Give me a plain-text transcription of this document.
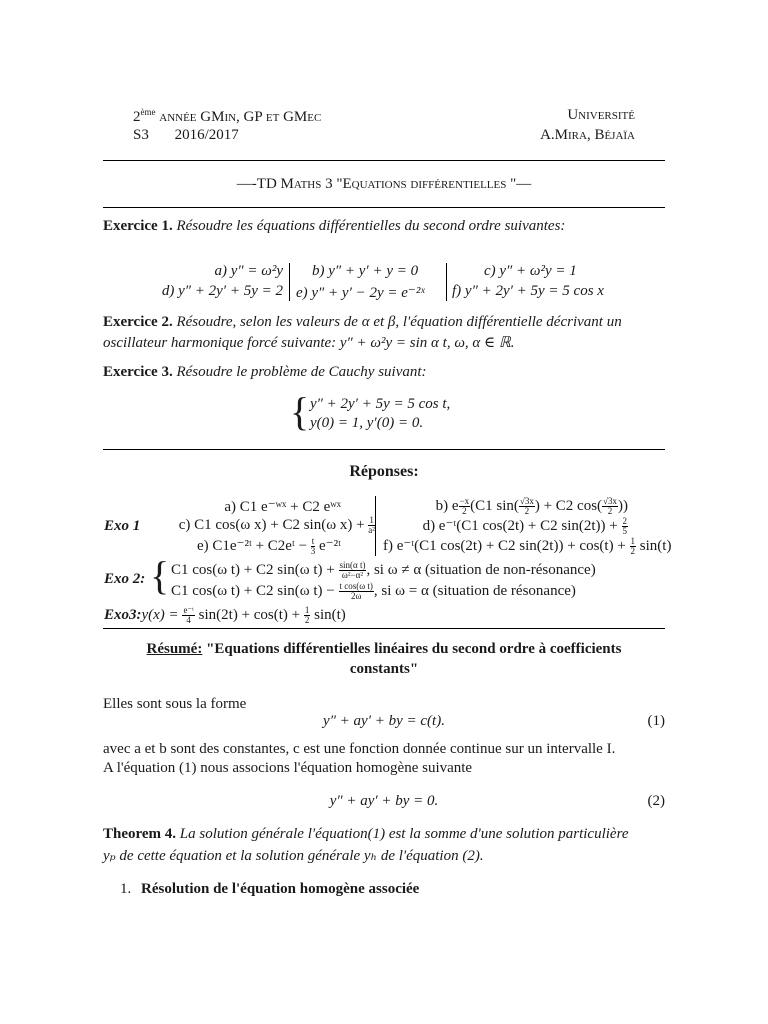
2ème année GMin, GP et GMec
S3 2016/2017
Université
A.Mira, Béjaïa
—-TD Maths 3 "Equations différentielles "—
Exercice 1. Résoudre les équations différentielles du second ordre suivantes:
a) y″ = ω²y
d) y″ + 2y′ + 5y = 2
b) y″ + y′ + y = 0
e) y″ + y′ − 2y = e⁻²ˣ
c) y″ + ω²y = 1
f) y″ + 2y′ + 5y = 5 cos x
Exercice 2. Résoudre, selon les valeurs de α et β, l'équation différentielle décrivant un
oscillateur harmonique forcé suivante: y″ + ω²y = sin α t, ω, α ∈ ℝ.
Exercice 3. Résoudre le problème de Cauchy suivant:
{ y″ + 2y′ + 5y = 5 cos t,
y(0) = 1, y′(0) = 0.
Réponses:
Exo 1
a) C1 e⁻ʷˣ + C2 eʷˣ
c) C1 cos(ω x) + C2 sin(ω $x) + \frac{1}{\text{a²}}$
e) C1e⁻²ᵗ + C2eᵗ − $\frac{t}{3}$ e⁻²ᵗ
b) e $\frac{-x}{2} (C1$ $\sin( \frac{√3x}{2}$ ) + C2 $\cos( \frac{√3x}{2}$ ))
d) e⁻ᵗ(C1 cos(2t) + C2 $\sin(2t)) + \frac{2}{5}$
f) e⁻ᵗ(C1 cos(2t) + C2 $\sin(2t)) + \cos(t) + \frac{1}{2} \sin(t)$
Exo 2: { C1 cos(ω t) + C2 sin(ω $t) + \frac{\text{sin(α t)}}{\text{ω²−α²}}$ , si ω ≠ α (situation de non-résonance)
C1 cos(ω t) + C2 sin(ω $t) - \frac{\text{t cos(ω t)}}{2\omega}$ , si ω = α (situation de résonance)
Exo3:y(x) = $\frac{\text{e⁻ᵗ}}{4} \sin(2t) + \cos(t) + \frac{1}{2} \sin(t)$
Résumé: "Equations différentielles linéaires du second ordre à coefficients
constants"
Elles sont sous la forme
y″ + ay′ + by = c(t).	(1)
avec a et b sont des constantes, c est une fonction donnée continue sur un intervalle I.
A l'équation (1) nous associons l'équation homogène suivante
y″ + ay′ + by = 0.	(2)
Theorem 4. La solution générale l'équation(1) est la somme d'une solution particulière
yₚ de cette équation et la solution générale yₕ de l'équation (2).
1. Résolution de l'équation homogène associée
